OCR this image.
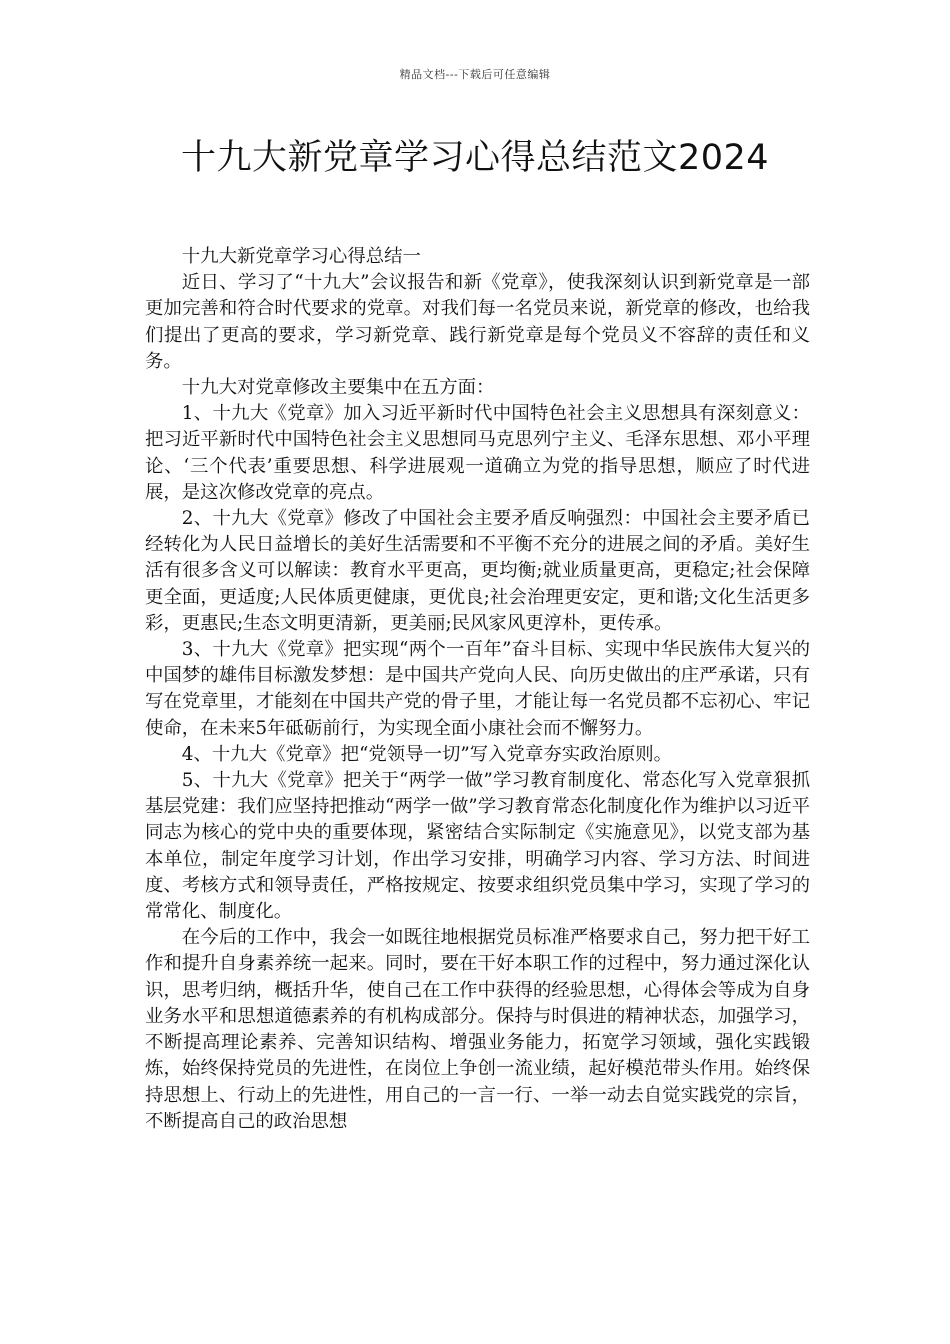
精品文档---下载后可任意编辑
十九大新党章学习心得总结范文2024

十九大新党章学习心得总结一

近日、学习了“十九大”会议报告和新《党章》，使我深刻认识到新党章是一部更加完善和符合时代要求的党章。对我们每一名党员来说，新党章的修改，也给我们提出了更高的要求，学习新党章、践行新党章是每个党员义不容辞的责任和义务。

十九大对党章修改主要集中在五方面：

1、十九大《党章》加入习近平新时代中国特色社会主义思想具有深刻意义：把习近平新时代中国特色社会主义思想同马克思列宁主义、毛泽东思想、邓小平理论、‘三个代表’重要思想、科学进展观一道确立为党的指导思想，顺应了时代进展，是这次修改党章的亮点。

2、十九大《党章》修改了中国社会主要矛盾反响强烈：中国社会主要矛盾已经转化为人民日益增长的美好生活需要和不平衡不充分的进展之间的矛盾。美好生活有很多含义可以解读：教育水平更高，更均衡;就业质量更高，更稳定;社会保障更全面，更适度;人民体质更健康，更优良;社会治理更安定，更和谐;文化生活更多彩，更惠民;生态文明更清新，更美丽;民风家风更淳朴，更传承。

3、十九大《党章》把实现“两个一百年”奋斗目标、实现中华民族伟大复兴的中国梦的雄伟目标激发梦想：是中国共产党向人民、向历史做出的庄严承诺，只有写在党章里，才能刻在中国共产党的骨子里，才能让每一名党员都不忘初心、牢记使命，在未来5年砥砺前行，为实现全面小康社会而不懈努力。

4、十九大《党章》把“党领导一切”写入党章夯实政治原则。

5、十九大《党章》把关于“两学一做”学习教育制度化、常态化写入党章狠抓基层党建：我们应坚持把推动“两学一做”学习教育常态化制度化作为维护以习近平同志为核心的党中央的重要体现，紧密结合实际制定《实施意见》，以党支部为基本单位，制定年度学习计划，作出学习安排，明确学习内容、学习方法、时间进度、考核方式和领导责任，严格按规定、按要求组织党员集中学习，实现了学习的常常化、制度化。

在今后的工作中，我会一如既往地根据党员标准严格要求自己，努力把干好工作和提升自身素养统一起来。同时，要在干好本职工作的过程中，努力通过深化认识，思考归纳，概括升华，使自己在工作中获得的经验思想，心得体会等成为自身业务水平和思想道德素养的有机构成部分。保持与时俱进的精神状态，加强学习，不断提高理论素养、完善知识结构、增强业务能力，拓宽学习领域，强化实践锻炼，始终保持党员的先进性，在岗位上争创一流业绩，起好模范带头作用。始终保持思想上、行动上的先进性，用自己的一言一行、一举一动去自觉实践党的宗旨，不断提高自己的政治思想
